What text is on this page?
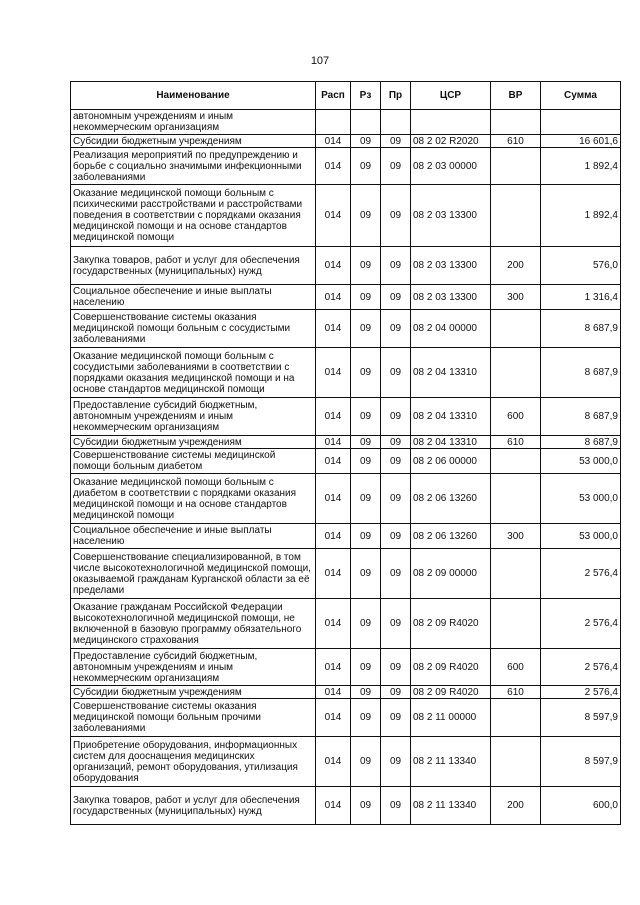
107
Наименование	Расп	Рз	Пр	ЦСР	ВР	Сумма
автономным учреждениям и иным некоммерческим организациям						
Субсидии бюджетным учреждениям	014	09	09	08 2 02 R2020	610	16 601,6
Реализация мероприятий по предупреждению и борьбе с социально значимыми инфекционными заболеваниями	014	09	09	08 2 03 00000		1 892,4
Оказание медицинской помощи больным с психическими расстройствами и расстройствами поведения в соответствии с порядками оказания медицинской помощи и на основе стандартов медицинской помощи	014	09	09	08 2 03 13300		1 892,4
Закупка товаров, работ и услуг для обеспечения государственных (муниципальных) нужд	014	09	09	08 2 03 13300	200	576,0
Социальное обеспечение и иные выплаты населению	014	09	09	08 2 03 13300	300	1 316,4
Совершенствование системы оказания медицинской помощи больным с сосудистыми заболеваниями	014	09	09	08 2 04 00000		8 687,9
Оказание медицинской помощи больным с сосудистыми заболеваниями в соответствии с порядками оказания медицинской помощи и на основе стандартов медицинской помощи	014	09	09	08 2 04 13310		8 687,9
Предоставление субсидий бюджетным, автономным учреждениям и иным некоммерческим организациям	014	09	09	08 2 04 13310	600	8 687,9
Субсидии бюджетным учреждениям	014	09	09	08 2 04 13310	610	8 687,9
Совершенствование системы медицинской помощи больным диабетом	014	09	09	08 2 06 00000		53 000,0
Оказание медицинской помощи больным с диабетом в соответствии с порядками оказания медицинской помощи и на основе стандартов медицинской помощи	014	09	09	08 2 06 13260		53 000,0
Социальное обеспечение и иные выплаты населению	014	09	09	08 2 06 13260	300	53 000,0
Совершенствование специализированной, в том числе высокотехнологичной медицинской помощи, оказываемой гражданам Курганской области за её пределами	014	09	09	08 2 09 00000		2 576,4
Оказание гражданам Российской Федерации высокотехнологичной медицинской помощи, не включенной в базовую программу обязательного медицинского страхования	014	09	09	08 2 09 R4020		2 576,4
Предоставление субсидий бюджетным, автономным учреждениям и иным некоммерческим организациям	014	09	09	08 2 09 R4020	600	2 576,4
Субсидии бюджетным учреждениям	014	09	09	08 2 09 R4020	610	2 576,4
Совершенствование системы оказания медицинской помощи больным прочими заболеваниями	014	09	09	08 2 11 00000		8 597,9
Приобретение оборудования, информационных систем для дооснащения медицинских организаций, ремонт оборудования, утилизация оборудования	014	09	09	08 2 11 13340		8 597,9
Закупка товаров, работ и услуг для обеспечения государственных (муниципальных) нужд	014	09	09	08 2 11 13340	200	600,0
